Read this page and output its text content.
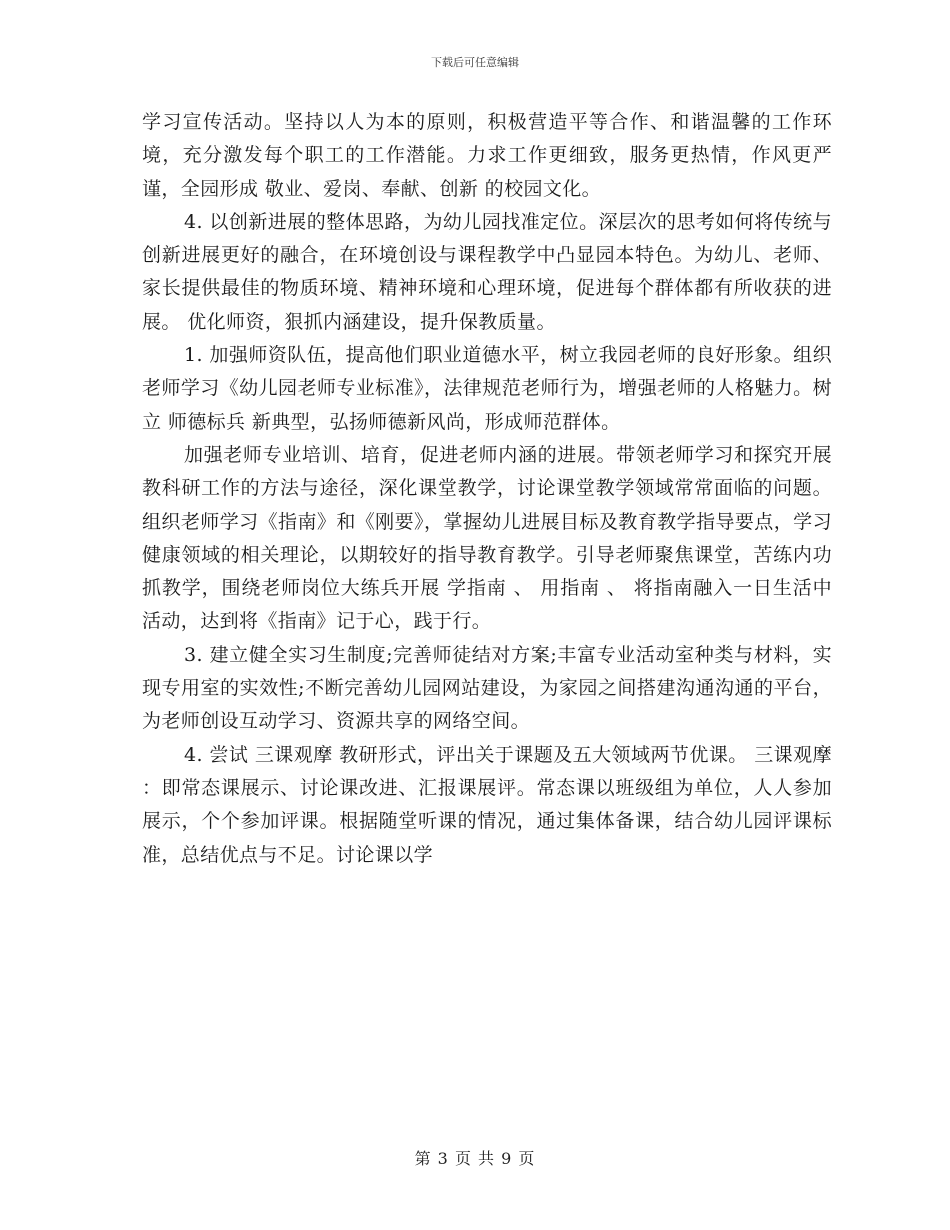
下载后可任意编辑

学习宣传活动。坚持以人为本的原则，积极营造平等合作、和谐温馨的工作环境，充分激发每个职工的工作潜能。力求工作更细致，服务更热情，作风更严谨，全园形成 敬业、爱岗、奉献、创新 的校园文化。

4. 以创新进展的整体思路，为幼儿园找准定位。深层次的思考如何将传统与创新进展更好的融合，在环境创设与课程教学中凸显园本特色。为幼儿、老师、家长提供最佳的物质环境、精神环境和心理环境，促进每个群体都有所收获的进展。 优化师资，狠抓内涵建设，提升保教质量。

1. 加强师资队伍，提高他们职业道德水平，树立我园老师的良好形象。组织老师学习《幼儿园老师专业标准》，法律规范老师行为，增强老师的人格魅力。树立 师德标兵 新典型，弘扬师德新风尚，形成师范群体。

加强老师专业培训、培育，促进老师内涵的进展。带领老师学习和探究开展教科研工作的方法与途径，深化课堂教学，讨论课堂教学领域常常面临的问题。组织老师学习《指南》和《刚要》，掌握幼儿进展目标及教育教学指导要点，学习健康领域的相关理论，以期较好的指导教育教学。引导老师聚焦课堂，苦练内功抓教学，围绕老师岗位大练兵开展 学指南 、 用指南 、 将指南融入一日生活中 活动，达到将《指南》记于心，践于行。

3. 建立健全实习生制度;完善师徒结对方案;丰富专业活动室种类与材料，实现专用室的实效性;不断完善幼儿园网站建设，为家园之间搭建沟通沟通的平台，为老师创设互动学习、资源共享的网络空间。

4. 尝试 三课观摩 教研形式，评出关于课题及五大领域两节优课。 三课观摩 ：即常态课展示、讨论课改进、汇报课展评。常态课以班级组为单位，人人参加展示，个个参加评课。根据随堂听课的情况，通过集体备课，结合幼儿园评课标准，总结优点与不足。讨论课以学

第 3 页 共 9 页
